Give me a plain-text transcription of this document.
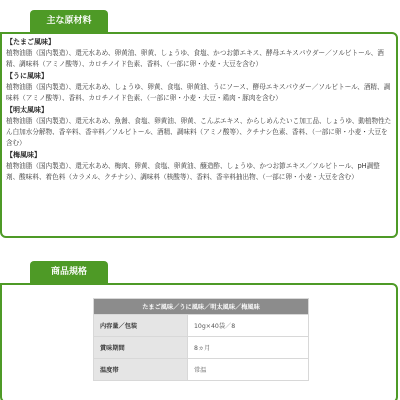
主な原材料
【たまご風味】
植物油脂（国内製造）、還元水あめ、卵黄油、卵黄、しょうゆ、食塩、かつお節エキス、酵母エキスパウダー／ソルビトール、酒精、調味料（アミノ酸等）、カロチノイド色素、香料、（一部に卵・小麦・大豆を含む）
【うに風味】
植物油脂（国内製造）、還元水あめ、しょうゆ、卵黄、食塩、卵黄油、うにソース、酵母エキスパウダー／ソルビトール、酒精、調味料（アミノ酸等）、香料、カロチノイド色素、（一部に卵・小麦・大豆・鶏肉・豚肉を含む）
【明太風味】
植物油脂（国内製造）、還元水あめ、魚醤、食塩、卵黄油、卵黄、こんぶエキス、からしめんたいこ加工品、しょうゆ、動植物性たん白加水分解物、香辛料、香辛料／ソルビトール、酒精、調味料（アミノ酸等）、クチナシ色素、香料、（一部に卵・小麦・大豆を含む）
【梅風味】
植物油脂（国内製造）、還元水あめ、梅肉、卵黄、食塩、卵黄油、醸造酢、しょうゆ、かつお節エキス／ソルビトール、pH調整剤、酸味料、着色料（カラメル、クチナシ）、調味料（核酸等）、香料、香辛料抽出物、（一部に卵・小麦・大豆を含む）
商品規格
たまご風味／うに風味／明太風味／梅風味	
内容量／包装	10g×40袋／8
賞味期間	8ヵ月
温度帯	常温
